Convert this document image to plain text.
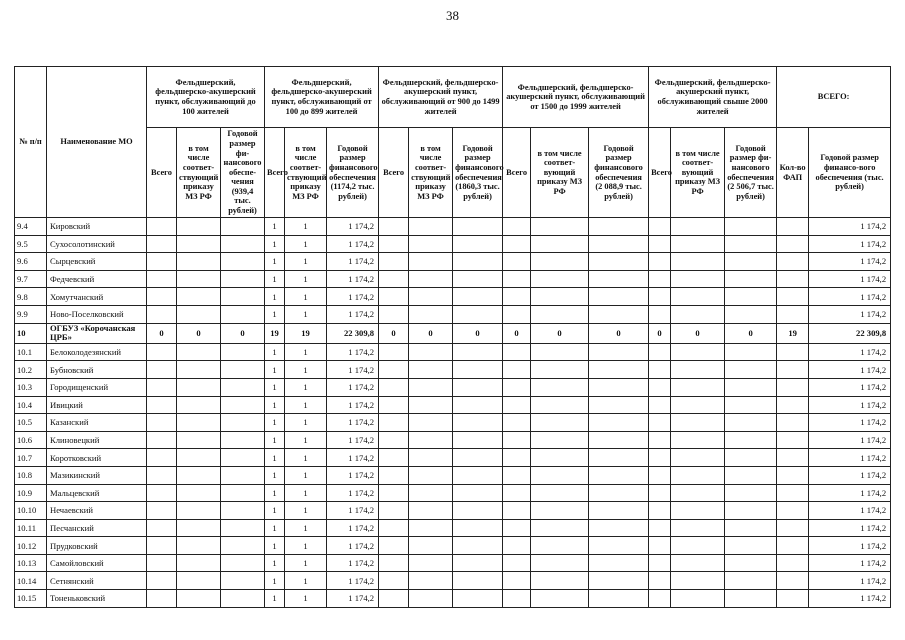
38
№ п/п	Наименование МО	Фельдшерский, фельдшерско-акушерский пункт, обслуживающий до 100 жителей			Фельдшерский, фельдшерско-акушерский пункт, обслуживающий от 100 до 899 жителей			Фельдшерский, фельдшерско-акушерский пункт, обслуживающий от 900 до 1499 жителей			Фельдшерский, фельдшерско-акушерский пункт, обслуживающий от 1500 до 1999 жителей			Фельдшерский, фельдшерско-акушерский пункт, обслуживающий свыше 2000 жителей			ВСЕГО:	
		Всего	в том числе соответ-ствующий приказу МЗ РФ	Годовой размер фи-нансового обеспе-чения (939,4 тыс. рублей)	Всего	в том числе соответ-ствующий приказу МЗ РФ	Годовой размер финансового обеспечения (1174,2 тыс. рублей)	Всего	в том числе соответ-ствующий приказу МЗ РФ	Годовой размер финансового обеспечения (1860,3 тыс. рублей)	Всего	в том числе соответ-вующий приказу МЗ РФ	Годовой размер финансового обеспечения (2 088,9 тыс. рублей)	Всего	в том числе соответ-вующий приказу МЗ РФ	Годовой размер фи-нансового обеспечения (2 506,7 тыс. рублей)	Кол-во ФАП	Годовой размер финансо-вого обеспечения (тыс. рублей)
9.4	Кировский				1	1	1 174,2											1 174,2
9.5	Сухосолотинский				1	1	1 174,2											1 174,2
9.6	Сырцевский				1	1	1 174,2											1 174,2
9.7	Федчевский				1	1	1 174,2											1 174,2
9.8	Хомутчанский				1	1	1 174,2											1 174,2
9.9	Ново-Поселковский				1	1	1 174,2											1 174,2
10	ОГБУЗ «Корочанская ЦРБ»	0	0	0	19	19	22 309,8	0	0	0	0	0	0	0	0	0	19	22 309,8
10.1	Белоколодезянский				1	1	1 174,2											1 174,2
10.2	Бубновский				1	1	1 174,2											1 174,2
10.3	Городищенский				1	1	1 174,2											1 174,2
10.4	Ивицкий				1	1	1 174,2											1 174,2
10.5	Казанский				1	1	1 174,2											1 174,2
10.6	Клиновецкий				1	1	1 174,2											1 174,2
10.7	Коротковский				1	1	1 174,2											1 174,2
10.8	Мазикинский				1	1	1 174,2											1 174,2
10.9	Мальцевский				1	1	1 174,2											1 174,2
10.10	Нечаевский				1	1	1 174,2											1 174,2
10.11	Песчанский				1	1	1 174,2											1 174,2
10.12	Прудковский				1	1	1 174,2											1 174,2
10.13	Самойловский				1	1	1 174,2											1 174,2
10.14	Сетнянский				1	1	1 174,2											1 174,2
10.15	Тоненьковский				1	1	1 174,2											1 174,2
